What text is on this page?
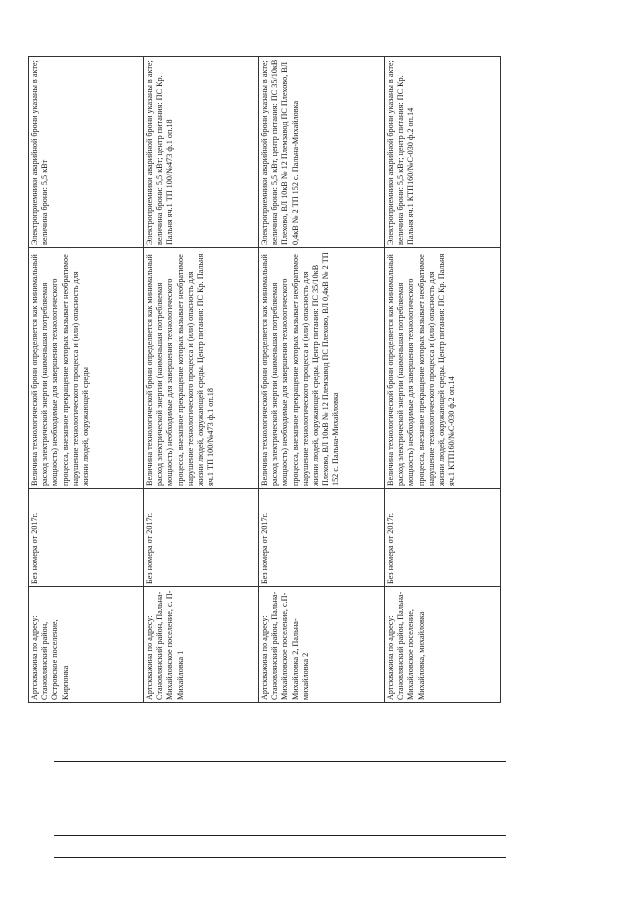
Артскважина по адресу: Становлянский район, Островское поселение, Кирпонка	Без номера от 2017г.	Величина технологической брони определяется как минимальный расход электрической энергии (наименьшая потребляемая мощность) необходимые для завершения технологического процесса, внезапное прекращение которых вызывает необратимое нарушение технологического процесса и (или) опасность для жизни людей, окружающей среды	Электроприемники аварийной брони указаны в акте; величина брони: 5,5 кВт
Артскважина по адресу: Становлянский район, Пальна-Михайловское поселение, с. П-Михайловка 1	Без номера от 2017г.	Величина технологической брони определяется как минимальный расход электрической энергии (наименьшая потребляемая мощность) необходимые для завершения технологического процесса, внезапное прекращение которых вызывает необратимое нарушение технологического процесса и (или) опасность для жизни людей, окружающей среды. Центр питания: ПС Кр. Пальня яч.1 ТП 100/№473 ф.1 оп.18	Электроприемники аварийной брони указаны в акте; величина брони: 5,5 кВт; центр питания: ПС Кр. Пальня яч.1 ТП 100/№473 ф.1 оп.18
Артскважина по адресу: Становлянский район, Пальна-Михайловское поселение, с.П-Михайловка 2, Пальна-михайловка 2	Без номера от 2017г.	Величина технологической брони определяется как минимальный расход электрической энергии (наименьшая потребляемая мощность) необходимые для завершения технологического процесса, внезапное прекращение которых вызывает необратимое нарушение технологического процесса и (или) опасность для жизни людей, окружающей среды. Центр питания: ПС 35/10кВ Плехово, ВЛ 10кВ № 12 Племзавод ПС Плехово, ВЛ 0,4кВ № 2 ТП 152 с. Пальна-Михайловка	Электроприемники аварийной брони указаны в акте; величина брони: 5,5 кВт, центр питания: ПС 35/10кВ Плехово, ВЛ 10кВ № 12 Племзавод ПС Плехово, ВЛ 0,4кВ № 2 ТП 152 с. Пальна-Михайловка
Артскважина по адресу: Становлянский район, Пальна-Михайловское поселение, Михайловка, михайловка	Без номера от 2017г.	Величина технологической брони определяется как минимальный расход электрической энергии (наименьшая потребляемая мощность) необходимые для завершения технологического процесса, внезапное прекращение которых вызывает необратимое нарушение технологического процесса и (или) опасность для жизни людей, окружающей среды. Центр питания: ПС Кр. Пальня яч.1 КТП160/№С-030 ф.2 оп.14	Электроприемники аварийной брони указаны в акте; величина брони: 5,5 кВт; центр питания: ПС Кр. Пальня яч.1 КТП160/№С-030 ф.2 оп.14
